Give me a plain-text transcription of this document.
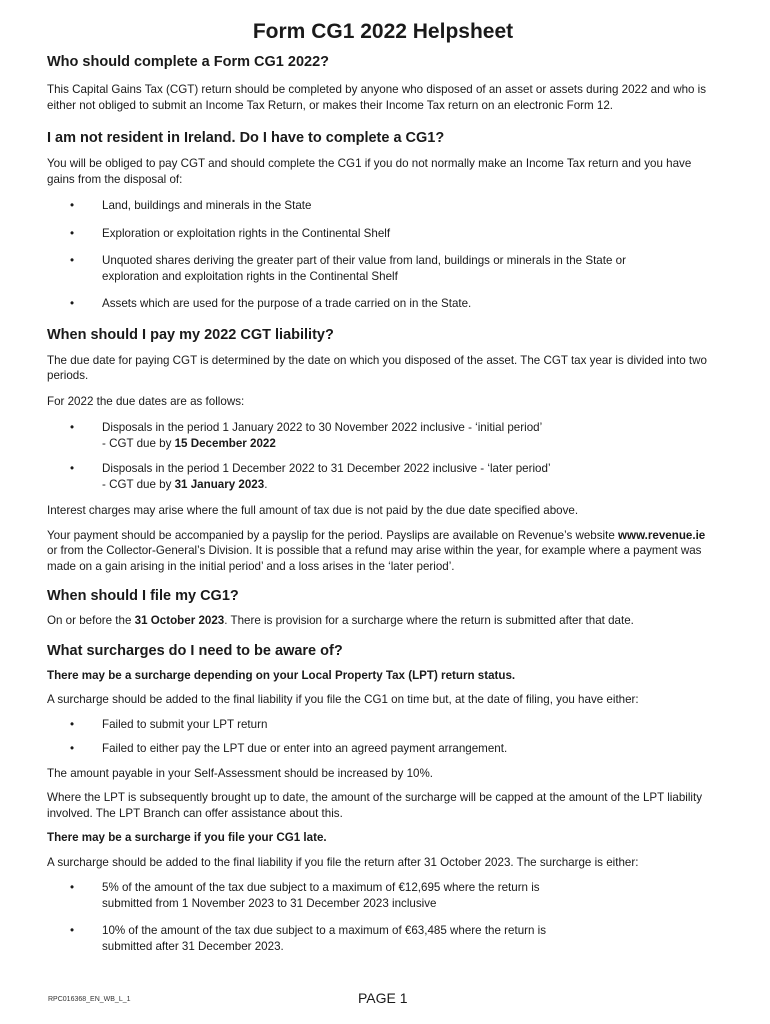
Form CG1 2022 Helpsheet
Who should complete a Form CG1 2022?

This Capital Gains Tax (CGT) return should be completed by anyone who disposed of an asset or assets during 2022 and who is either not obliged to submit an Income Tax Return, or makes their Income Tax return on an electronic Form 12.

I am not resident in Ireland. Do I have to complete a CG1?

You will be obliged to pay CGT and should complete the CG1 if you do not normally make an Income Tax return and you have gains from the disposal of:

• Land, buildings and minerals in the State
• Exploration or exploitation rights in the Continental Shelf
• Unquoted shares deriving the greater part of their value from land, buildings or minerals in the State or exploration and exploitation rights in the Continental Shelf
• Assets which are used for the purpose of a trade carried on in the State.
When should I pay my 2022 CGT liability?

The due date for paying CGT is determined by the date on which you disposed of the asset. The CGT tax year is divided into two periods.

For 2022 the due dates are as follows:

• Disposals in the period 1 January 2022 to 30 November 2022 inclusive - ‘initial period’
- CGT due by 15 December 2022
• Disposals in the period 1 December 2022 to 31 December 2022 inclusive - ‘later period’
- CGT due by 31 January 2023.

Interest charges may arise where the full amount of tax due is not paid by the due date specified above.

Your payment should be accompanied by a payslip for the period. Payslips are available on Revenue’s website www.revenue.ie or from the Collector-General’s Division. It is possible that a refund may arise within the year, for example where a payment was made on a gain arising in the initial period’ and a loss arises in the ‘later period’.

When should I file my CG1?

On or before the 31 October 2023. There is provision for a surcharge where the return is submitted after that date.

What surcharges do I need to be aware of?

There may be a surcharge depending on your Local Property Tax (LPT) return status.

A surcharge should be added to the final liability if you file the CG1 on time but, at the date of filing, you have either:

• Failed to submit your LPT return
• Failed to either pay the LPT due or enter into an agreed payment arrangement.

The amount payable in your Self-Assessment should be increased by 10%.

Where the LPT is subsequently brought up to date, the amount of the surcharge will be capped at the amount of the LPT liability involved. The LPT Branch can offer assistance about this.

There may be a surcharge if you file your CG1 late.

A surcharge should be added to the final liability if you file the return after 31 October 2023. The surcharge is either:

• 5% of the amount of the tax due subject to a maximum of €12,695 where the return is submitted from 1 November 2023 to 31 December 2023 inclusive
• 10% of the amount of the tax due subject to a maximum of €63,485 where the return is submitted after 31 December 2023.
RPC016368_EN_WB_L_1	PAGE 1
